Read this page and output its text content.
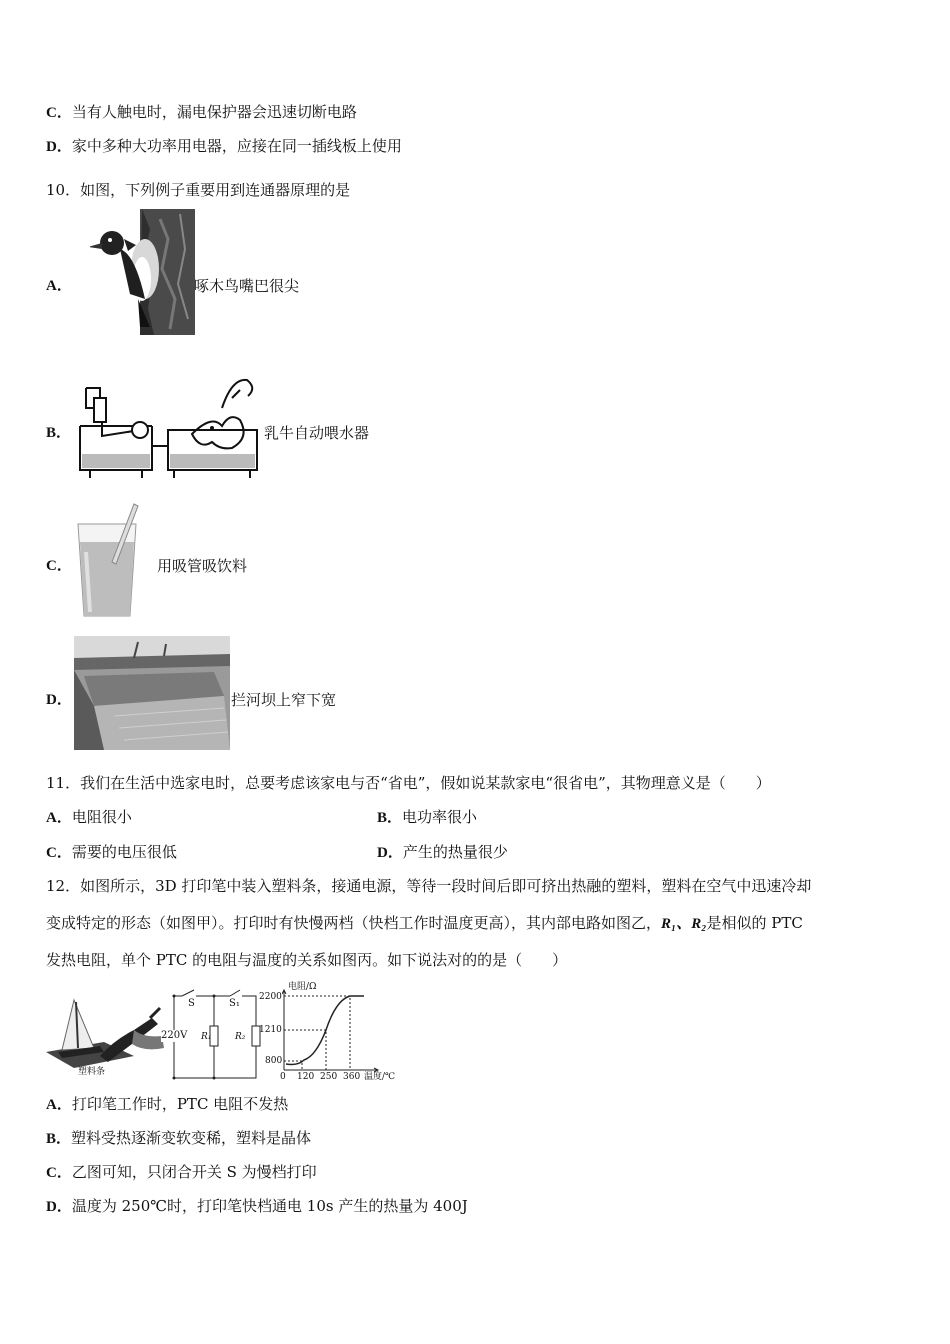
C．当有人触电时，漏电保护器会迅速切断电路
D．家中多种大功率用电器，应接在同一插线板上使用
10．如图，下列例子重要用到连通器原理的是
A．	啄木鸟嘴巴很尖
B．	乳牛自动喂水器
C．	用吸管吸饮料
D．	拦河坝上窄下宽
11．我们在生活中选家电时，总要考虑该家电与否“省电”，假如说某款家电“很省电”，其物理意义是（　　）
A．电阻很小	B．电功率很小
C．需要的电压很低	D．产生的热量很少
12．如图所示，3D 打印笔中装入塑料条，接通电源，等待一段时间后即可挤出热融的塑料，塑料在空气中迅速冷却
变成特定的形态（如图甲）。打印时有快慢两档（快档工作时温度更高），其内部电路如图乙，R₁、R₂是相似的 PTC
发热电阻，单个 PTC 的电阻与温度的关系如图丙。如下说法对的的是（　　）
塑料条
S	S₁
220V R₁	R₂
电阻/Ω
2200
1210
800
0 120 250 360 温度/℃
A．打印笔工作时，PTC 电阻不发热
B．塑料受热逐渐变软变稀，塑料是晶体
C．乙图可知，只闭合开关 S 为慢档打印
D．温度为 250℃时，打印笔快档通电 10s 产生的热量为 400J
